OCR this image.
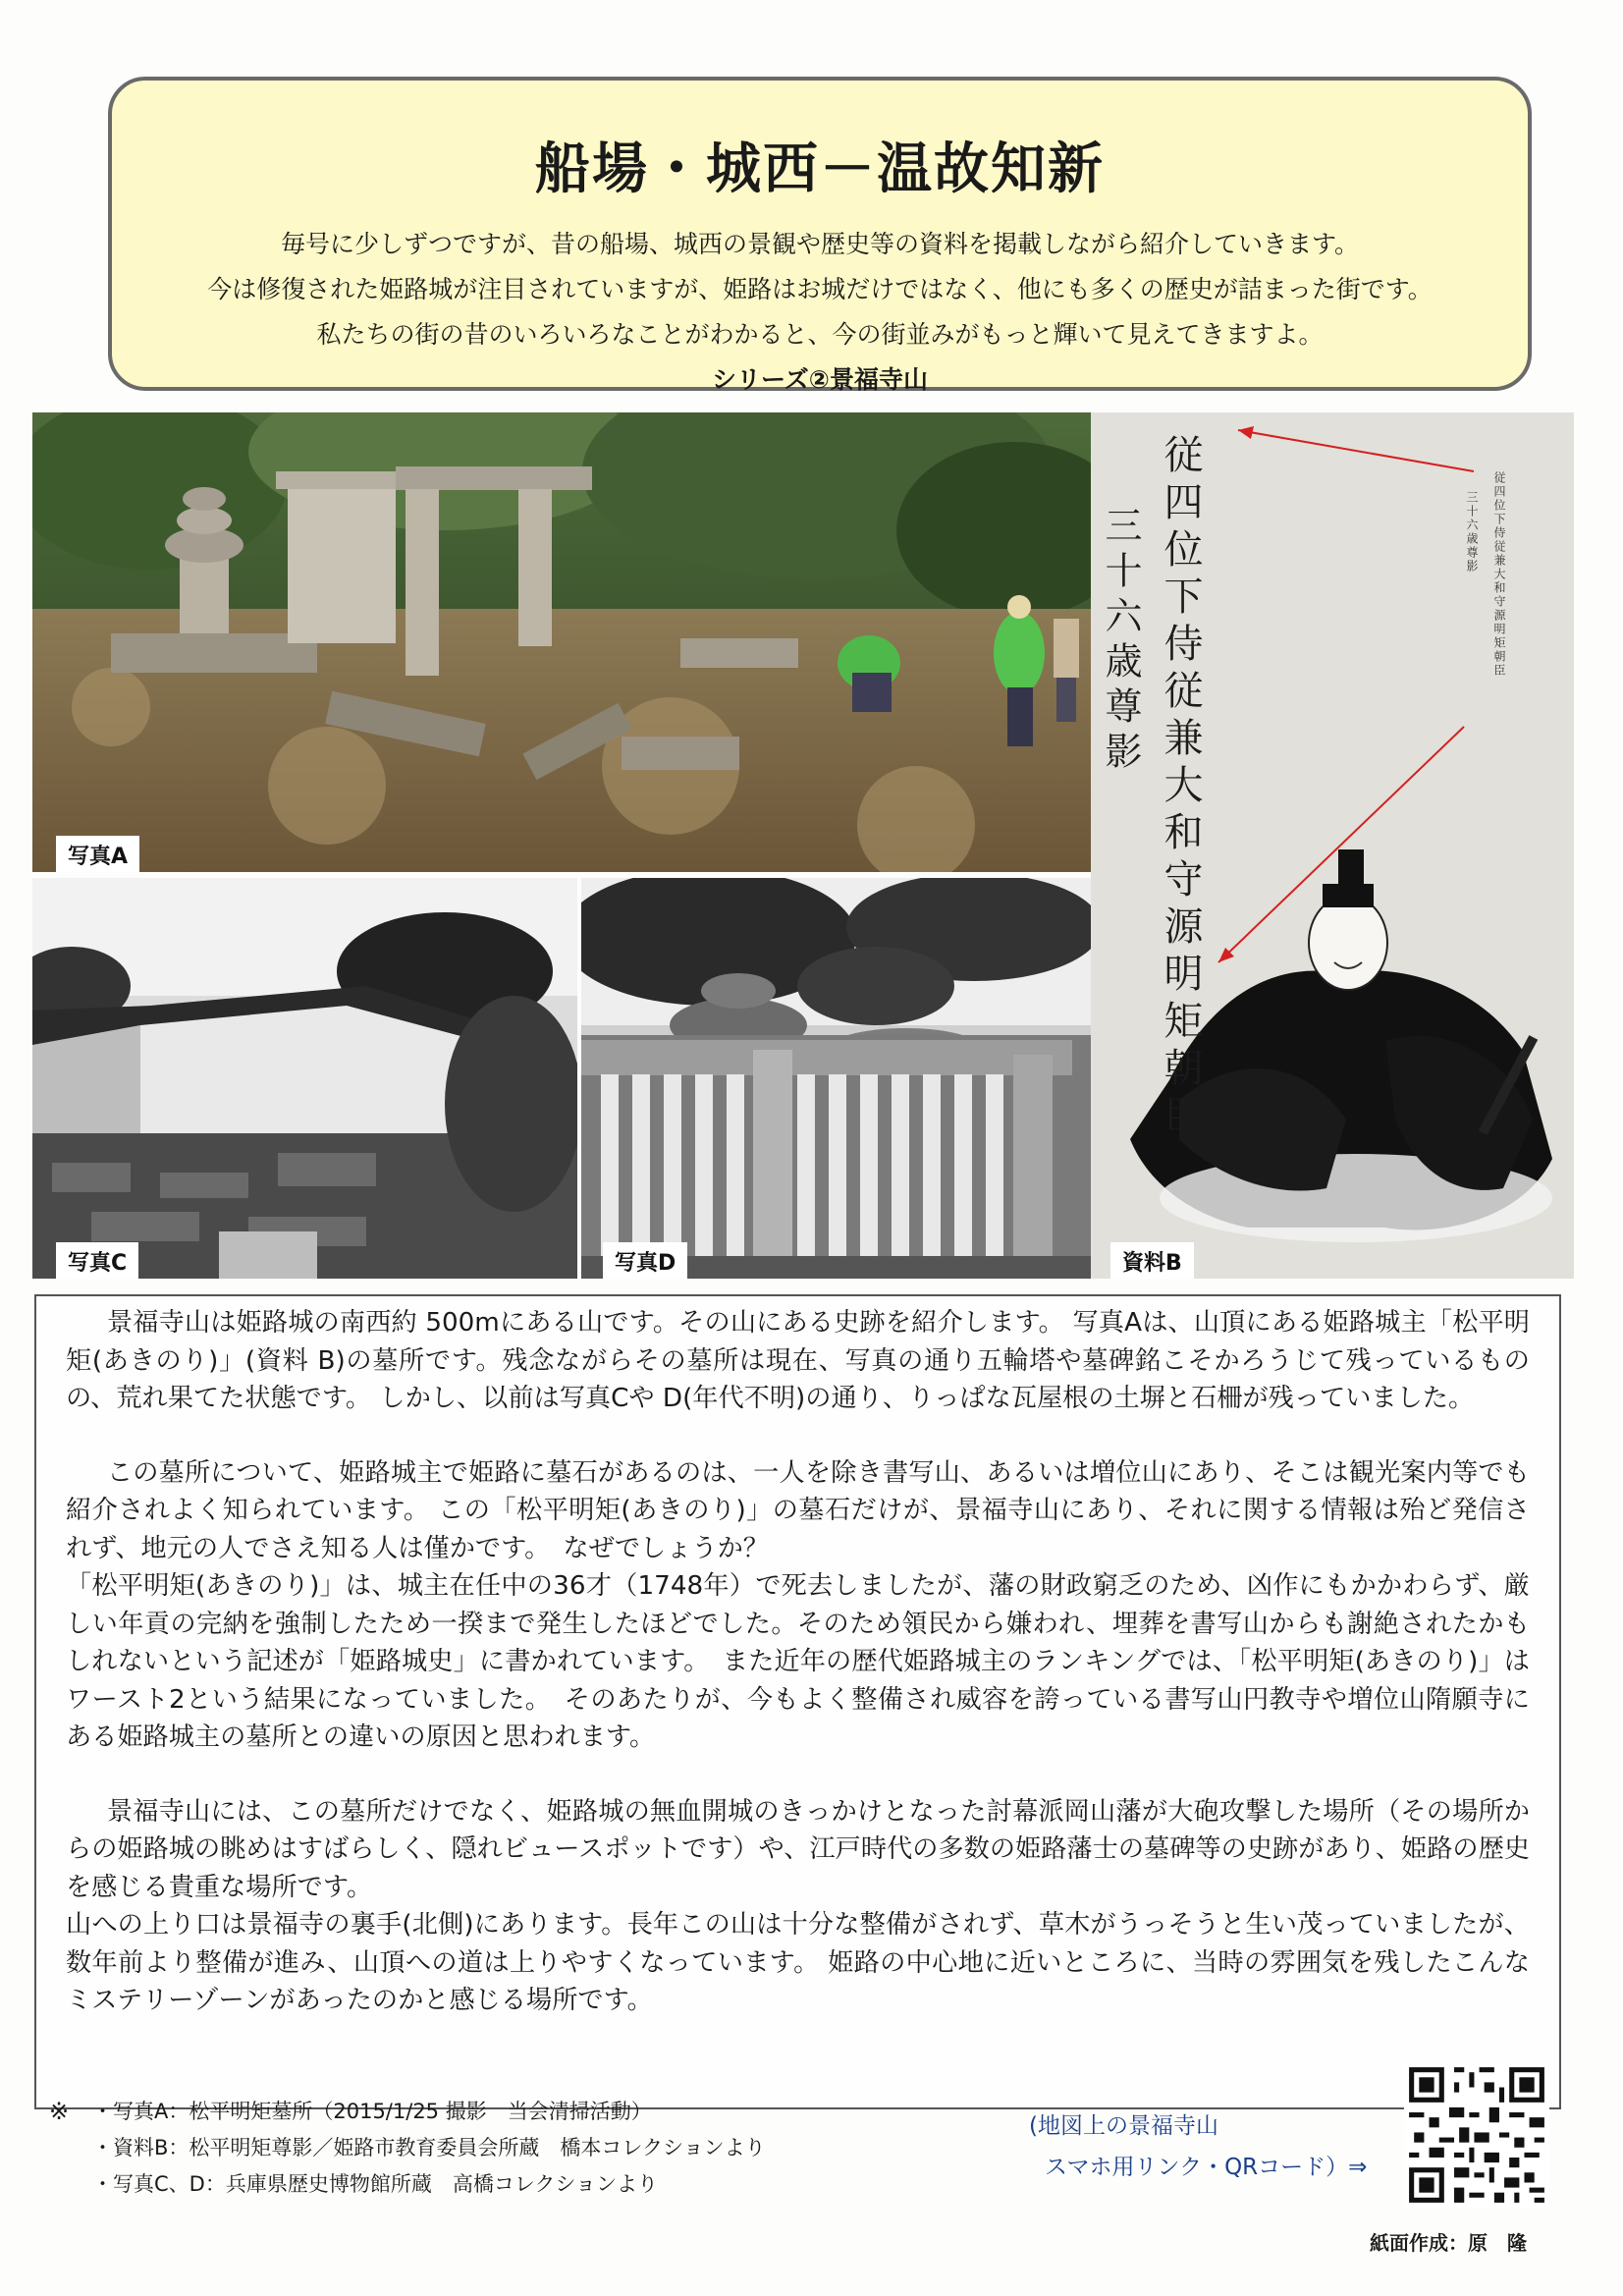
船場・城西－温故知新

毎号に少しずつですが、昔の船場、城西の景観や歴史等の資料を掲載しながら紹介していきます。

今は修復された姫路城が注目されていますが、姫路はお城だけではなく、他にも多くの歴史が詰まった街です。

私たちの街の昔のいろいろなことがわかると、今の街並みがもっと輝いて見えてきますよ。

シリーズ②景福寺山

写真A
写真C	写真D
従四位下侍従兼大和守源明矩朝臣
三十六歳尊影	従四位下侍従兼大和守源明矩朝臣
三十六歳尊影
資料B

景福寺山は姫路城の南西約 500mにある山です。その山にある史跡を紹介します。 写真Aは、山頂にある姫路城主「松平明矩(あきのり)」(資料 B)の墓所です。残念ながらその墓所は現在、写真の通り五輪塔や墓碑銘こそかろうじて残っているものの、荒れ果てた状態です。 しかし、以前は写真Cや D(年代不明)の通り、りっぱな瓦屋根の土塀と石柵が残っていました。

この墓所について、姫路城主で姫路に墓石があるのは、一人を除き書写山、あるいは増位山にあり、そこは観光案内等でも紹介されよく知られています。 この「松平明矩(あきのり)」の墓石だけが、景福寺山にあり、それに関する情報は殆ど発信されず、地元の人でさえ知る人は僅かです。　なぜでしょうか？

「松平明矩(あきのり)」は、城主在任中の36才（1748年）で死去しましたが、藩の財政窮乏のため、凶作にもかかわらず、厳しい年貢の完納を強制したため一揆まで発生したほどでした。そのため領民から嫌われ、埋葬を書写山からも謝絶されたかもしれないという記述が「姫路城史」に書かれています。　また近年の歴代姫路城主のランキングでは、「松平明矩(あきのり)」はワースト2という結果になっていました。　そのあたりが、今もよく整備され威容を誇っている書写山円教寺や増位山隋願寺にある姫路城主の墓所との違いの原因と思われます。

景福寺山には、この墓所だけでなく、姫路城の無血開城のきっかけとなった討幕派岡山藩が大砲攻撃した場所（その場所からの姫路城の眺めはすばらしく、隠れビュースポットです）や、江戸時代の多数の姫路藩士の墓碑等の史跡があり、姫路の歴史を感じる貴重な場所です。

山への上り口は景福寺の裏手(北側)にあります。長年この山は十分な整備がされず、草木がうっそうと生い茂っていましたが、数年前より整備が進み、山頂への道は上りやすくなっています。 姫路の中心地に近いところに、当時の雰囲気を残したこんなミステリーゾーンがあったのかと感じる場所です。

※ ・写真A：松平明矩墓所（2015/1/25 撮影　当会清掃活動）
・資料B：松平明矩尊影／姫路市教育委員会所蔵　橋本コレクションより
・写真C、D：兵庫県歴史博物館所蔵　高橋コレクションより
(地図上の景福寺山
スマホ用リンク・QRコード）⇒
紙面作成：原　隆
